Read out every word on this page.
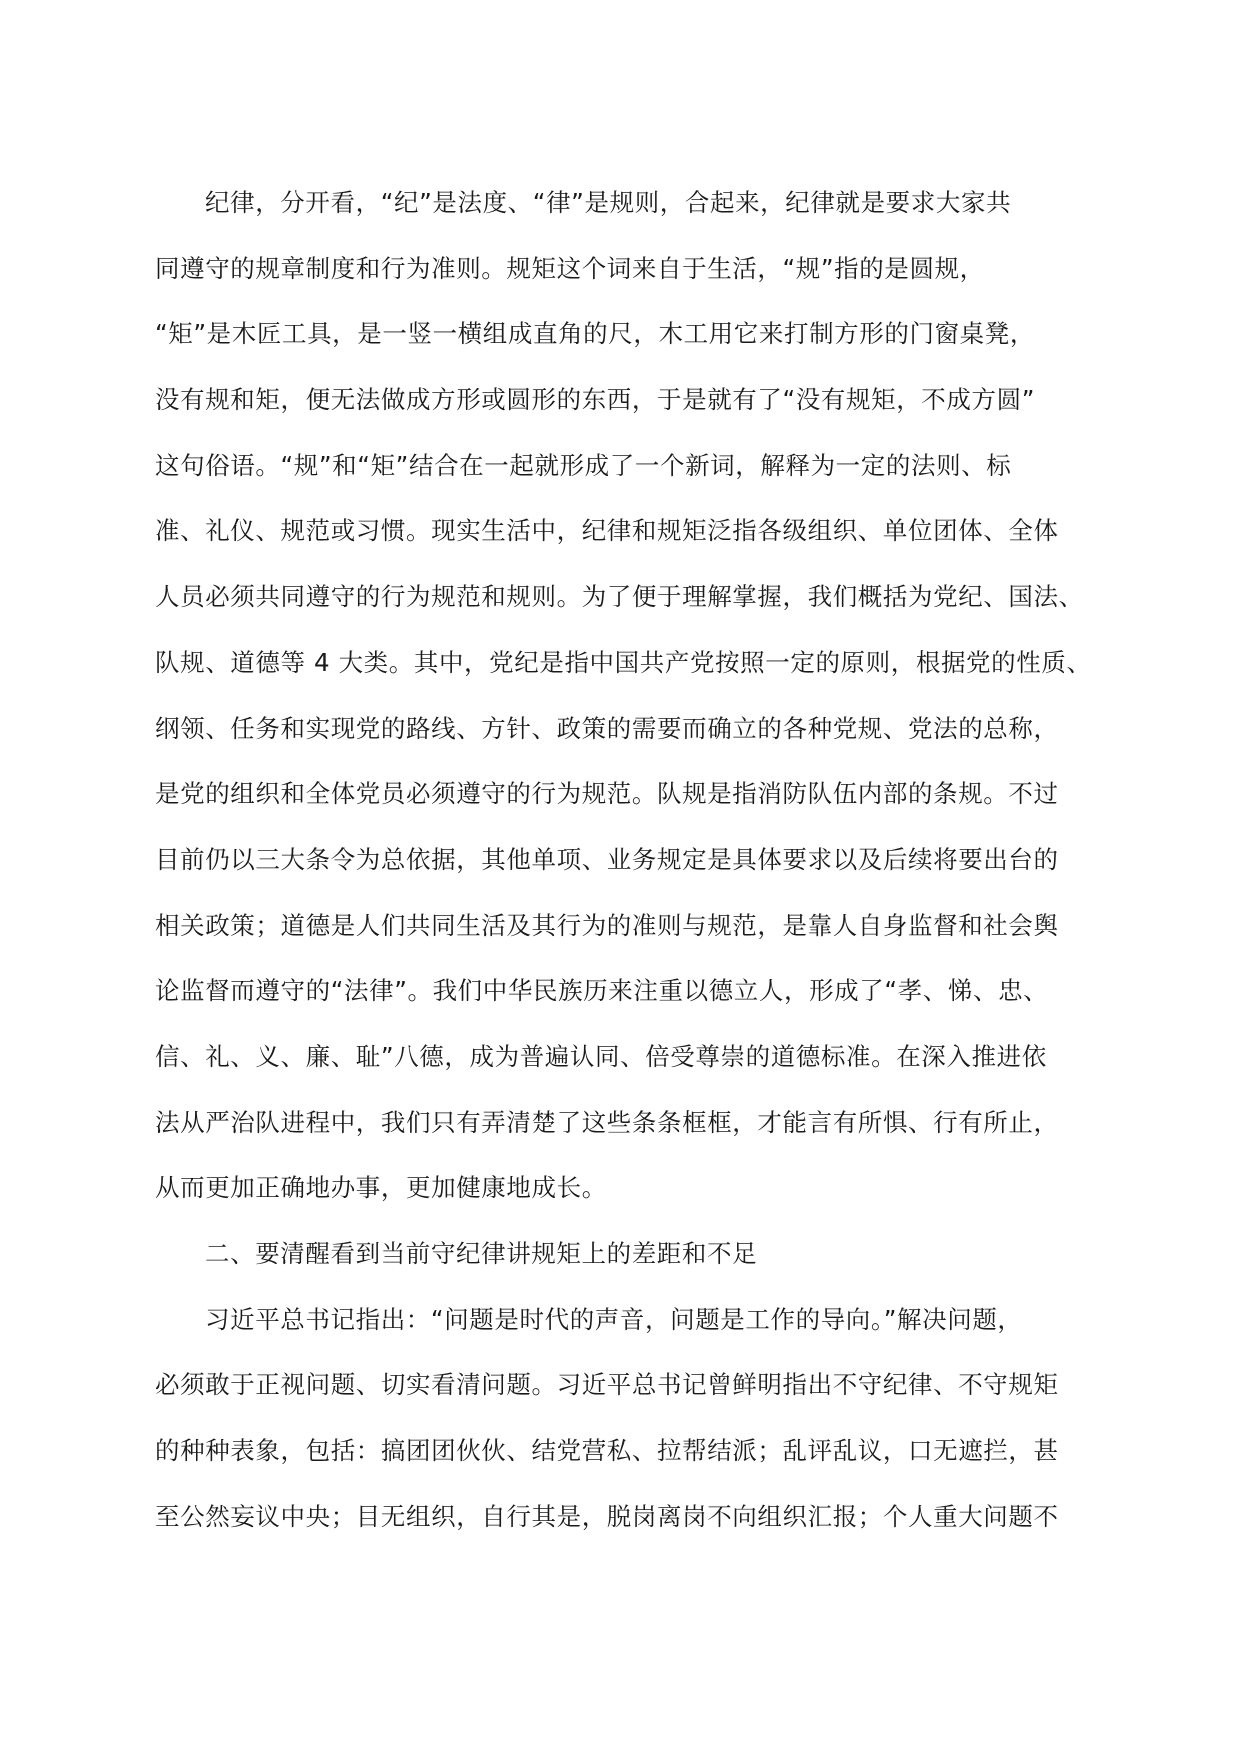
纪律，分开看，“纪”是法度、“律”是规则，合起来，纪律就是要求大家共
同遵守的规章制度和行为准则。规矩这个词来自于生活，“规”指的是圆规，
“矩”是木匠工具，是一竖一横组成直角的尺，木工用它来打制方形的门窗桌凳，
没有规和矩，便无法做成方形或圆形的东西，于是就有了“没有规矩，不成方圆”
这句俗语。“规”和“矩”结合在一起就形成了一个新词，解释为一定的法则、标
准、礼仪、规范或习惯。现实生活中，纪律和规矩泛指各级组织、单位团体、全体
人员必须共同遵守的行为规范和规则。为了便于理解掌握，我们概括为党纪、国法、
队规、道德等 4 大类。其中，党纪是指中国共产党按照一定的原则，根据党的性质、
纲领、任务和实现党的路线、方针、政策的需要而确立的各种党规、党法的总称，
是党的组织和全体党员必须遵守的行为规范。队规是指消防队伍内部的条规。不过
目前仍以三大条令为总依据，其他单项、业务规定是具体要求以及后续将要出台的
相关政策；道德是人们共同生活及其行为的准则与规范，是靠人自身监督和社会舆
论监督而遵守的“法律”。我们中华民族历来注重以德立人，形成了“孝、悌、忠、
信、礼、义、廉、耻”八德，成为普遍认同、倍受尊崇的道德标准。在深入推进依
法从严治队进程中，我们只有弄清楚了这些条条框框，才能言有所惧、行有所止，
从而更加正确地办事，更加健康地成长。
二、要清醒看到当前守纪律讲规矩上的差距和不足
习近平总书记指出：“问题是时代的声音，问题是工作的导向。”解决问题，
必须敢于正视问题、切实看清问题。习近平总书记曾鲜明指出不守纪律、不守规矩
的种种表象，包括：搞团团伙伙、结党营私、拉帮结派；乱评乱议，口无遮拦，甚
至公然妄议中央；目无组织，自行其是，脱岗离岗不向组织汇报；个人重大问题不
